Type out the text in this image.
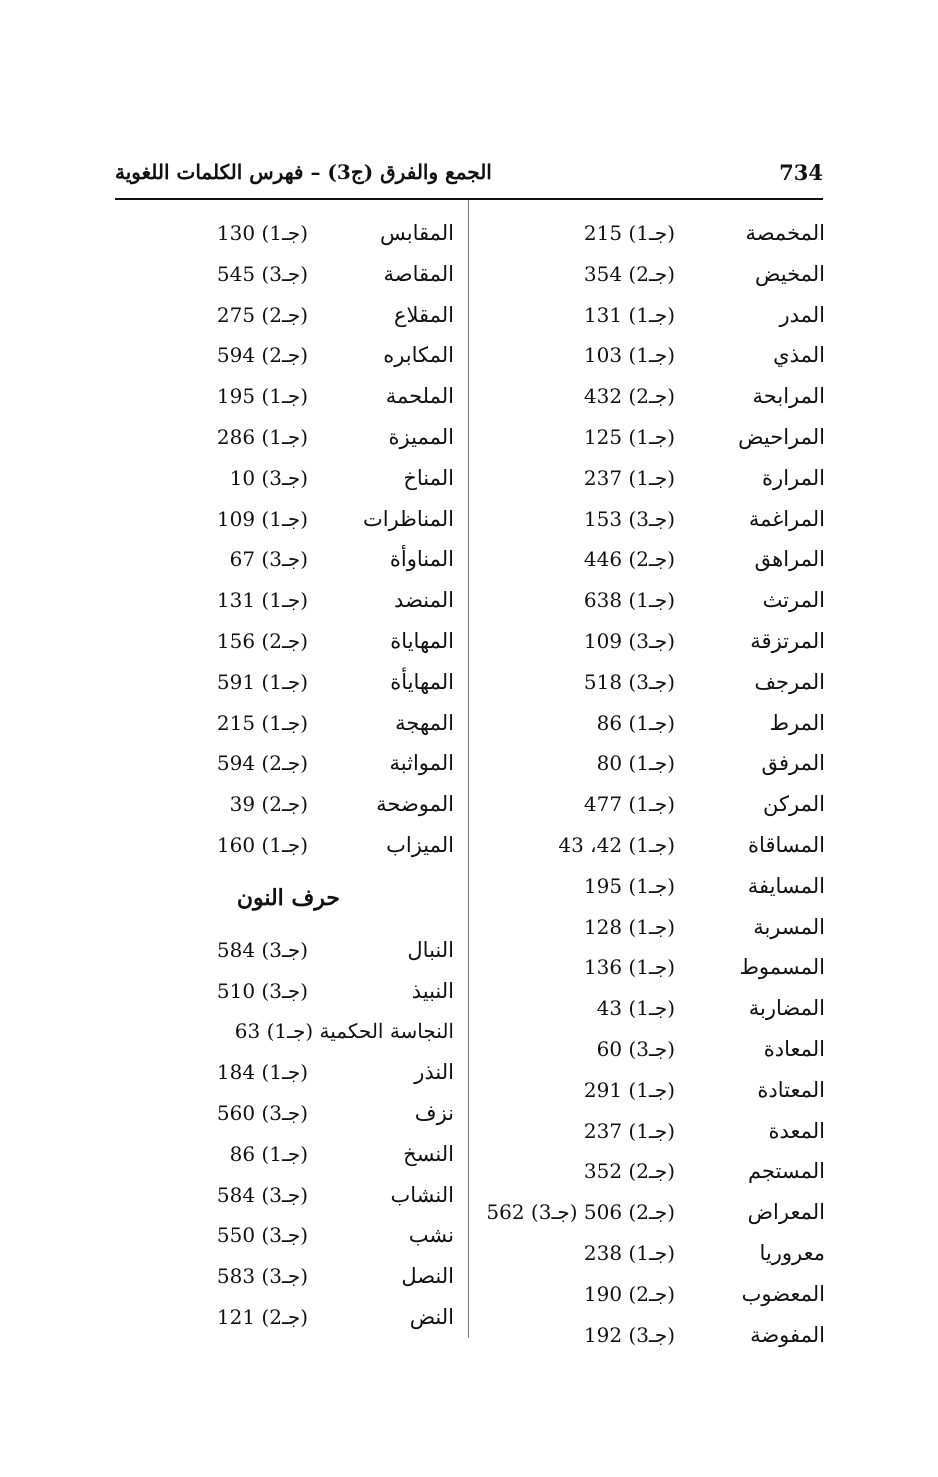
الجمع والفرق (ج3) – فهرس الكلمات اللغوية	734
المخمصة
(جـ1) 215
المخيض
(جـ2) 354
المدر
(جـ1) 131
المذي
(جـ1) 103
المرابحة
(جـ2) 432
المراحيض
(جـ1) 125
المرارة
(جـ1) 237
المراغمة
(جـ3) 153
المراهق
(جـ2) 446
المرتث
(جـ1) 638
المرتزقة
(جـ3) 109
المرجف
(جـ3) 518
المرط
(جـ1) 86
المرفق
(جـ1) 80
المركن
(جـ1) 477
المساقاة
(جـ1) 42، 43
المسايفة
(جـ1) 195
المسربة
(جـ1) 128
المسموط
(جـ1) 136
المضاربة
(جـ1) 43
المعادة
(جـ3) 60
المعتادة
(جـ1) 291
المعدة
(جـ1) 237
المستجم
(جـ2) 352
المعراض
(جـ2) 506 (جـ3) 562
معروريا
(جـ1) 238
المعضوب
(جـ2) 190
المفوضة
(جـ3) 192
المقابس
(جـ1) 130
المقاصة
(جـ3) 545
المقلاع
(جـ2) 275
المكابره
(جـ2) 594
الملحمة
(جـ1) 195
المميزة
(جـ1) 286
المناخ
(جـ3) 10
المناظرات
(جـ1) 109
المناوأة
(جـ3) 67
المنضد
(جـ1) 131
المهاياة
(جـ2) 156
المهايأة
(جـ1) 591
المهجة
(جـ1) 215
المواثبة
(جـ2) 594
الموضحة
(جـ2) 39
الميزاب
(جـ1) 160
حرف النون
النبال
(جـ3) 584
النبيذ
(جـ3) 510
النجاسة الحكمية (جـ1) 63
النذر
(جـ1) 184
نزف
(جـ3) 560
النسخ
(جـ1) 86
النشاب
(جـ3) 584
نشب
(جـ3) 550
النصل
(جـ3) 583
النض
(جـ2) 121
